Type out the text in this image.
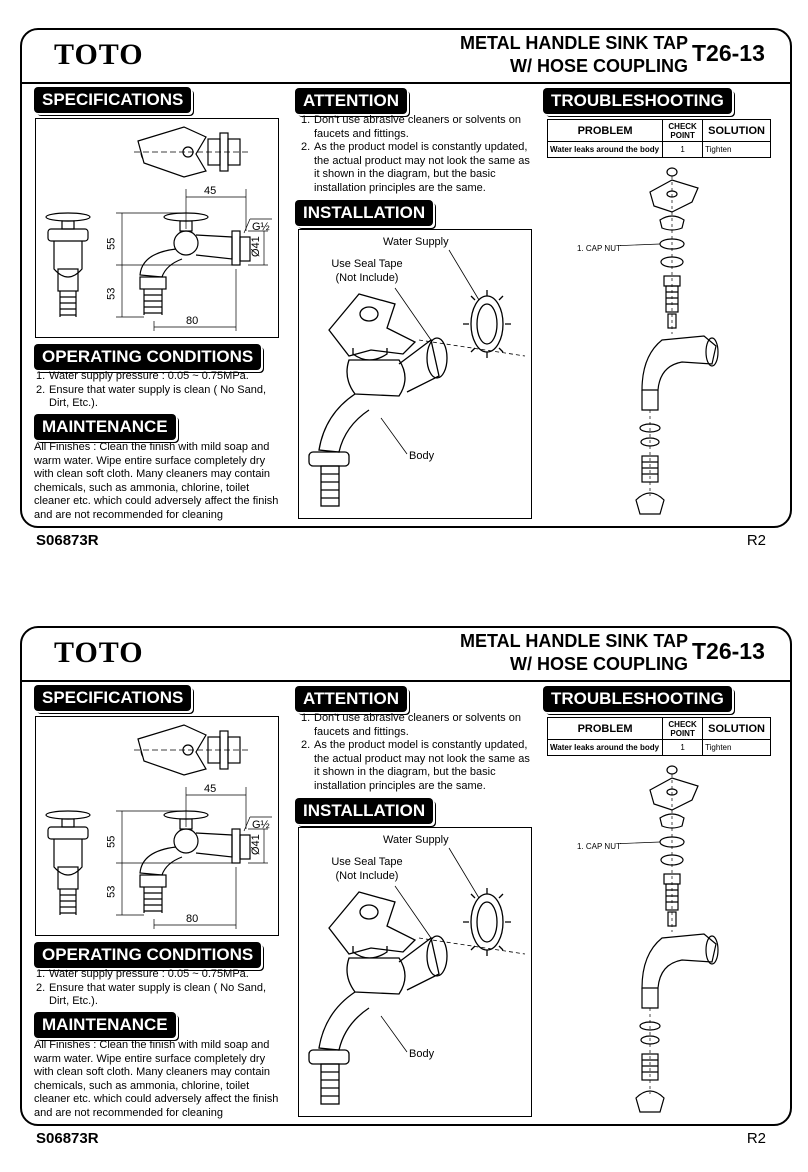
TOTO	METAL HANDLE SINK TAP
W/ HOSE COUPLING T26-13
SPECIFICATIONS
45
55
53
80
Ø41
G½
OPERATING CONDITIONS
1. Water supply pressure : 0.05 ~ 0.75MPa.
2. Ensure that water supply is clean ( No Sand, Dirt, Etc.).
MAINTENANCE
All Finishes : Clean the finish with mild soap and warm water. Wipe entire surface completely dry with clean soft cloth. Many cleaners may contain chemicals, such as ammonia, chlorine, toilet cleaner etc. which could adversely affect the finish and are not recommended for cleaning
ATTENTION
1. Don't use abrasive cleaners or solvents on faucets and fittings.
2. As the product model is constantly updated, the actual product may not look the same as it shown in the diagram, but the basic installation principles are the same.
INSTALLATION
Water Supply
Use Seal Tape
(Not Include)
Body
TROUBLESHOOTING
PROBLEM	CHECK POINT	SOLUTION
Water leaks around the body	1	Tighten
1. CAP NUT
S06873R	R2
TOTO	METAL HANDLE SINK TAP
W/ HOSE COUPLING T26-13
SPECIFICATIONS
45
55
53
80
Ø41
G½
OPERATING CONDITIONS
1. Water supply pressure : 0.05 ~ 0.75MPa.
2. Ensure that water supply is clean ( No Sand, Dirt, Etc.).
MAINTENANCE
All Finishes : Clean the finish with mild soap and warm water. Wipe entire surface completely dry with clean soft cloth. Many cleaners may contain chemicals, such as ammonia, chlorine, toilet cleaner etc. which could adversely affect the finish and are not recommended for cleaning
ATTENTION
1. Don't use abrasive cleaners or solvents on faucets and fittings.
2. As the product model is constantly updated, the actual product may not look the same as it shown in the diagram, but the basic installation principles are the same.
INSTALLATION
Water Supply
Use Seal Tape
(Not Include)
Body
TROUBLESHOOTING
PROBLEM	CHECK POINT	SOLUTION
Water leaks around the body	1	Tighten
1. CAP NUT
S06873R	R2
